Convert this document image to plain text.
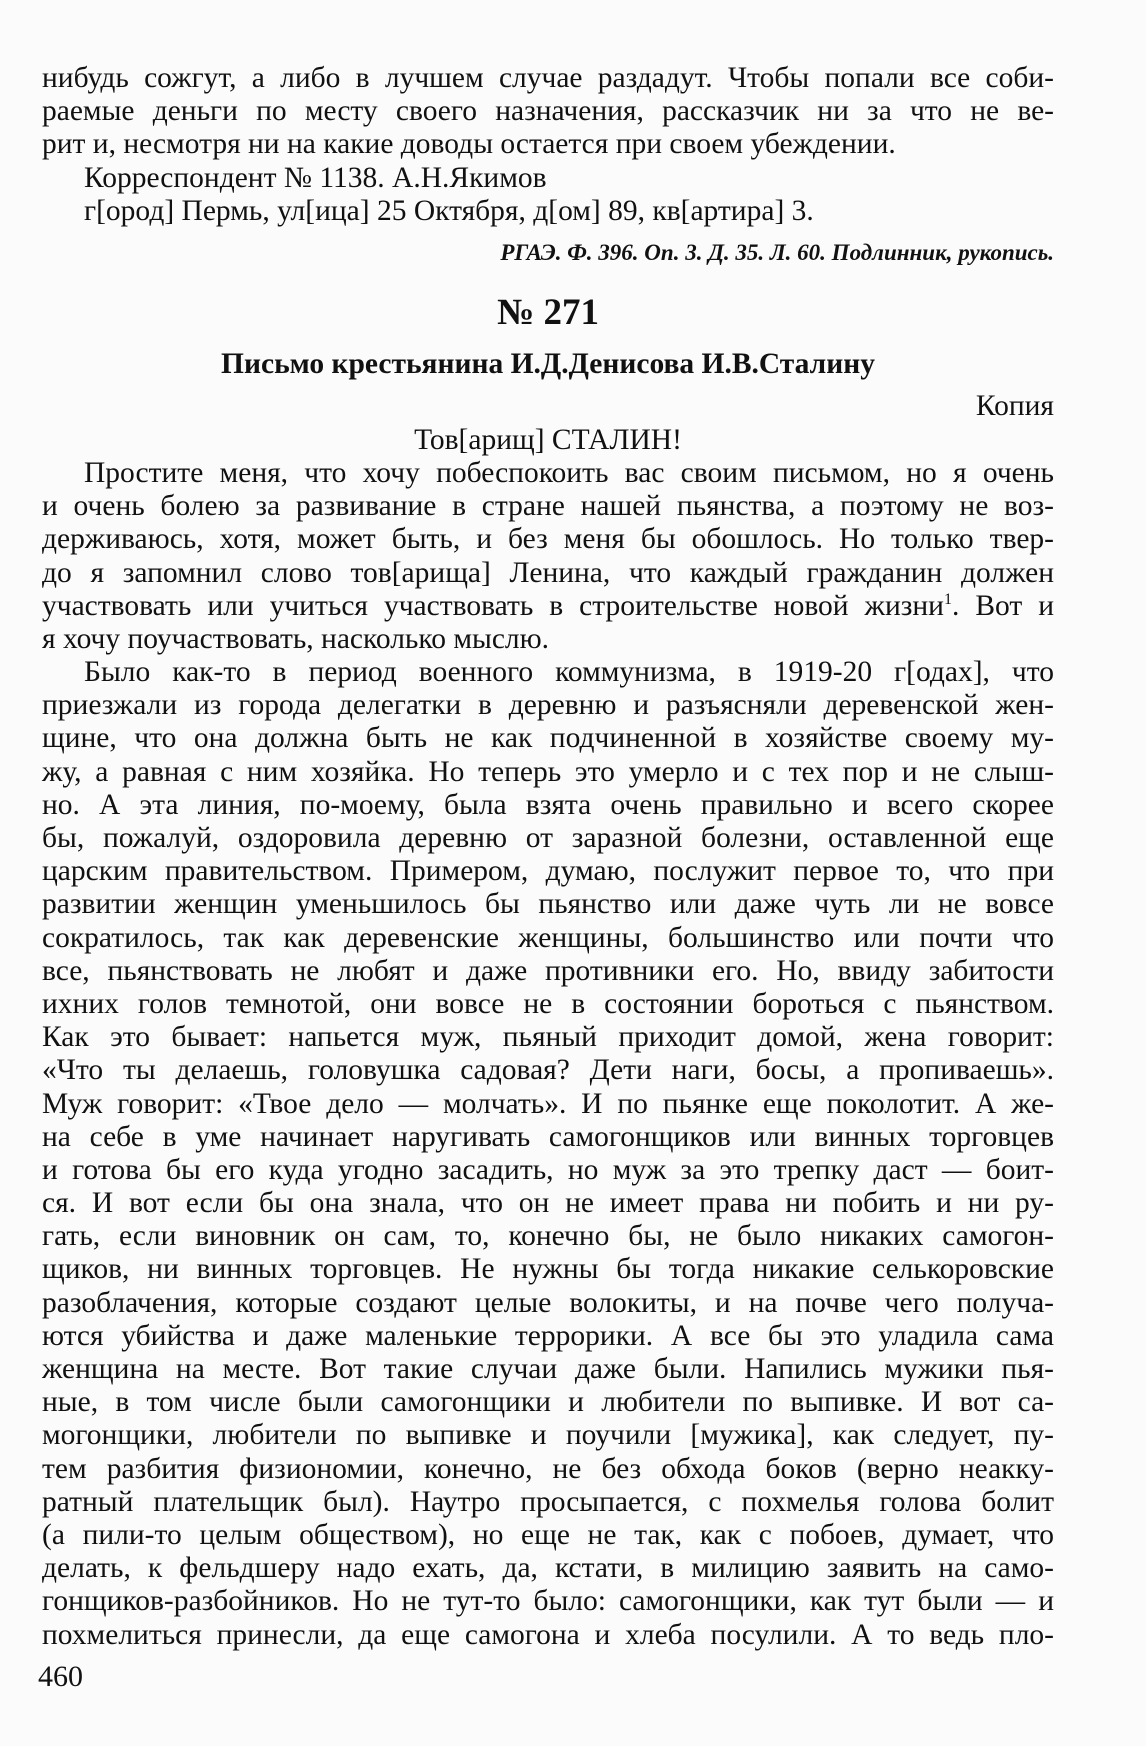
нибудь сожгут, а либо в лучшем случае раздадут. Чтобы попали все соби-
раемые деньги по месту своего назначения, рассказчик ни за что не ве-
рит и, несмотря ни на какие доводы остается при своем убеждении.
Корреспондент № 1138. А.Н.Якимов
г[ород] Пермь, ул[ица] 25 Октября, д[ом] 89, кв[артира] 3.
РГАЭ. Ф. 396. Оп. 3. Д. 35. Л. 60. Подлинник, рукопись.
№ 271
Письмо крестьянина И.Д.Денисова И.В.Сталину
Копия
Тов[арищ] СТАЛИН!
Простите меня, что хочу побеспокоить вас своим письмом, но я очень
и очень болею за развивание в стране нашей пьянства, а поэтому не воз-
держиваюсь, хотя, может быть, и без меня бы обошлось. Но только твер-
до я запомнил слово тов[арища] Ленина, что каждый гражданин должен
участвовать или учиться участвовать в строительстве новой жизни$^1$. Вот и
я хочу поучаствовать, насколько мыслю.
Было как-то в период военного коммунизма, в 1919-20 г[одах], что
приезжали из города делегатки в деревню и разъясняли деревенской жен-
щине, что она должна быть не как подчиненной в хозяйстве своему му-
жу, а равная с ним хозяйка. Но теперь это умерло и с тех пор и не слыш-
но. А эта линия, по-моему, была взята очень правильно и всего скорее
бы, пожалуй, оздоровила деревню от заразной болезни, оставленной еще
царским правительством. Примером, думаю, послужит первое то, что при
развитии женщин уменьшилось бы пьянство или даже чуть ли не вовсе
сократилось, так как деревенские женщины, большинство или почти что
все, пьянствовать не любят и даже противники его. Но, ввиду забитости
ихних голов темнотой, они вовсе не в состоянии бороться с пьянством.
Как это бывает: напьется муж, пьяный приходит домой, жена говорит:
«Что ты делаешь, головушка садовая? Дети наги, босы, а пропиваешь».
Муж говорит: «Твое дело — молчать». И по пьянке еще поколотит. А же-
на себе в уме начинает наругивать самогонщиков или винных торговцев
и готова бы его куда угодно засадить, но муж за это трепку даст — боит-
ся. И вот если бы она знала, что он не имеет права ни побить и ни ру-
гать, если виновник он сам, то, конечно бы, не было никаких самогон-
щиков, ни винных торговцев. Не нужны бы тогда никакие селькоровские
разоблачения, которые создают целые волокиты, и на почве чего получа-
ются убийства и даже маленькие террорики. А все бы это уладила сама
женщина на месте. Вот такие случаи даже были. Напились мужики пья-
ные, в том числе были самогонщики и любители по выпивке. И вот са-
могонщики, любители по выпивке и поучили [мужика], как следует, пу-
тем разбития физиономии, конечно, не без обхода боков (верно неакку-
ратный плательщик был). Наутро просыпается, с похмелья голова болит
(а пили-то целым обществом), но еще не так, как с побоев, думает, что
делать, к фельдшеру надо ехать, да, кстати, в милицию заявить на само-
гонщиков-разбойников. Но не тут-то было: самогонщики, как тут были — и
похмелиться принесли, да еще самогона и хлеба посулили. А то ведь пло-
460
